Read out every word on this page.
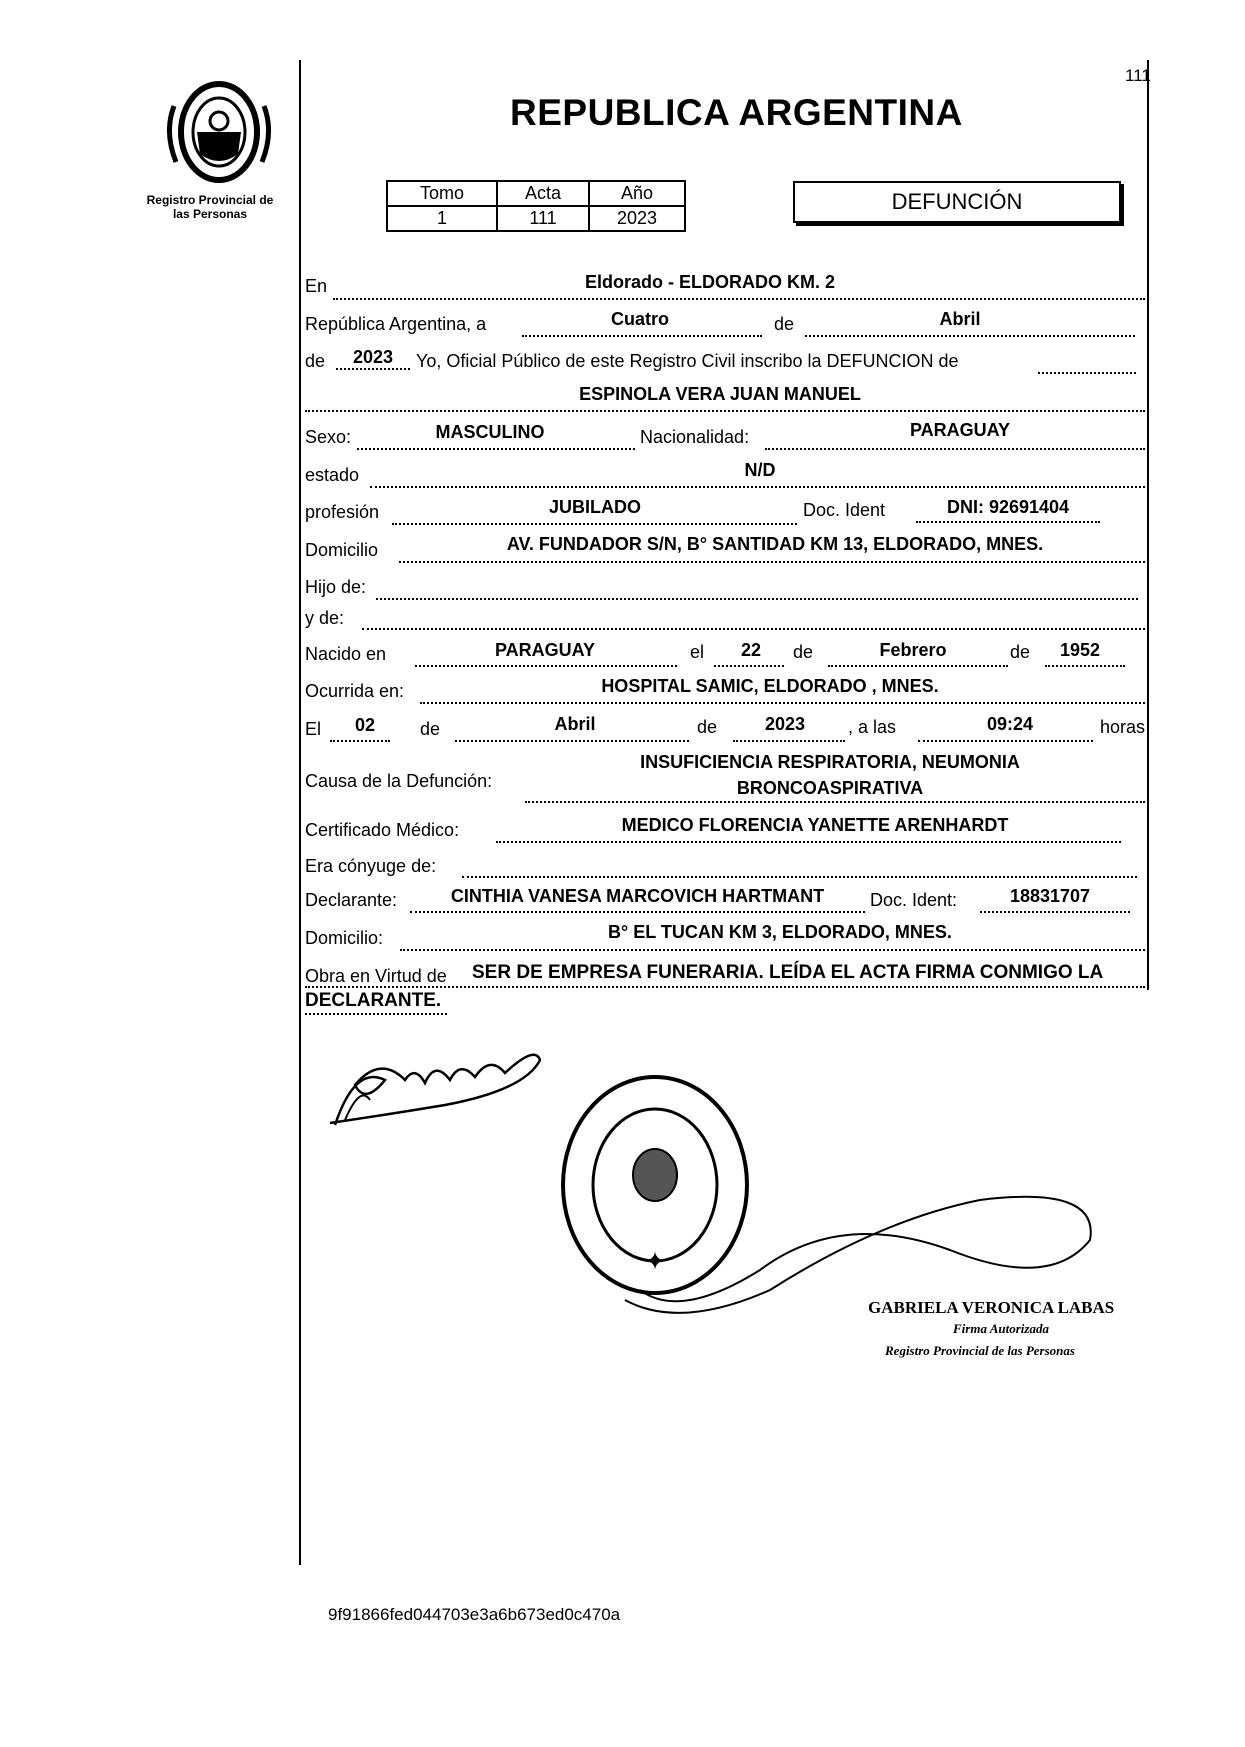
111
Registro Provincial de
las Personas
REPUBLICA ARGENTINA
Tomo	Acta	Año
1	111	2023
DEFUNCIÓN
En	Eldorado - ELDORADO KM. 2
República Argentina, a	Cuatro	de	Abril
de	2023	Yo, Oficial Público de este Registro Civil inscribo la DEFUNCION de
ESPINOLA VERA JUAN MANUEL
Sexo:	MASCULINO	Nacionalidad:	PARAGUAY
estado	N/D
profesión	JUBILADO	Doc. Ident	DNI: 92691404
Domicilio	AV. FUNDADOR S/N, B° SANTIDAD KM 13, ELDORADO, MNES.
Hijo de:
y de:
Nacido en	PARAGUAY	el	22	de	Febrero	de	1952
Ocurrida en:	HOSPITAL SAMIC, ELDORADO , MNES.
El	02	de	Abril	de	2023	, a las	09:24	horas
Causa de la Defunción:
INSUFICIENCIA RESPIRATORIA, NEUMONIA
BRONCOASPIRATIVA
Certificado Médico:	MEDICO FLORENCIA YANETTE ARENHARDT
Era cónyuge de:
Declarante:	CINTHIA VANESA MARCOVICH HARTMANT	Doc. Ident:	18831707
Domicilio:	B° EL TUCAN KM 3, ELDORADO, MNES.
Obra en Virtud de SER DE EMPRESA FUNERARIA. LEÍDA EL ACTA FIRMA CONMIGO LA
DECLARANTE.
✦
GABRIELA VERONICA LABAS
Firma Autorizada
Registro Provincial de las Personas
9f91866fed044703e3a6b673ed0c470a
